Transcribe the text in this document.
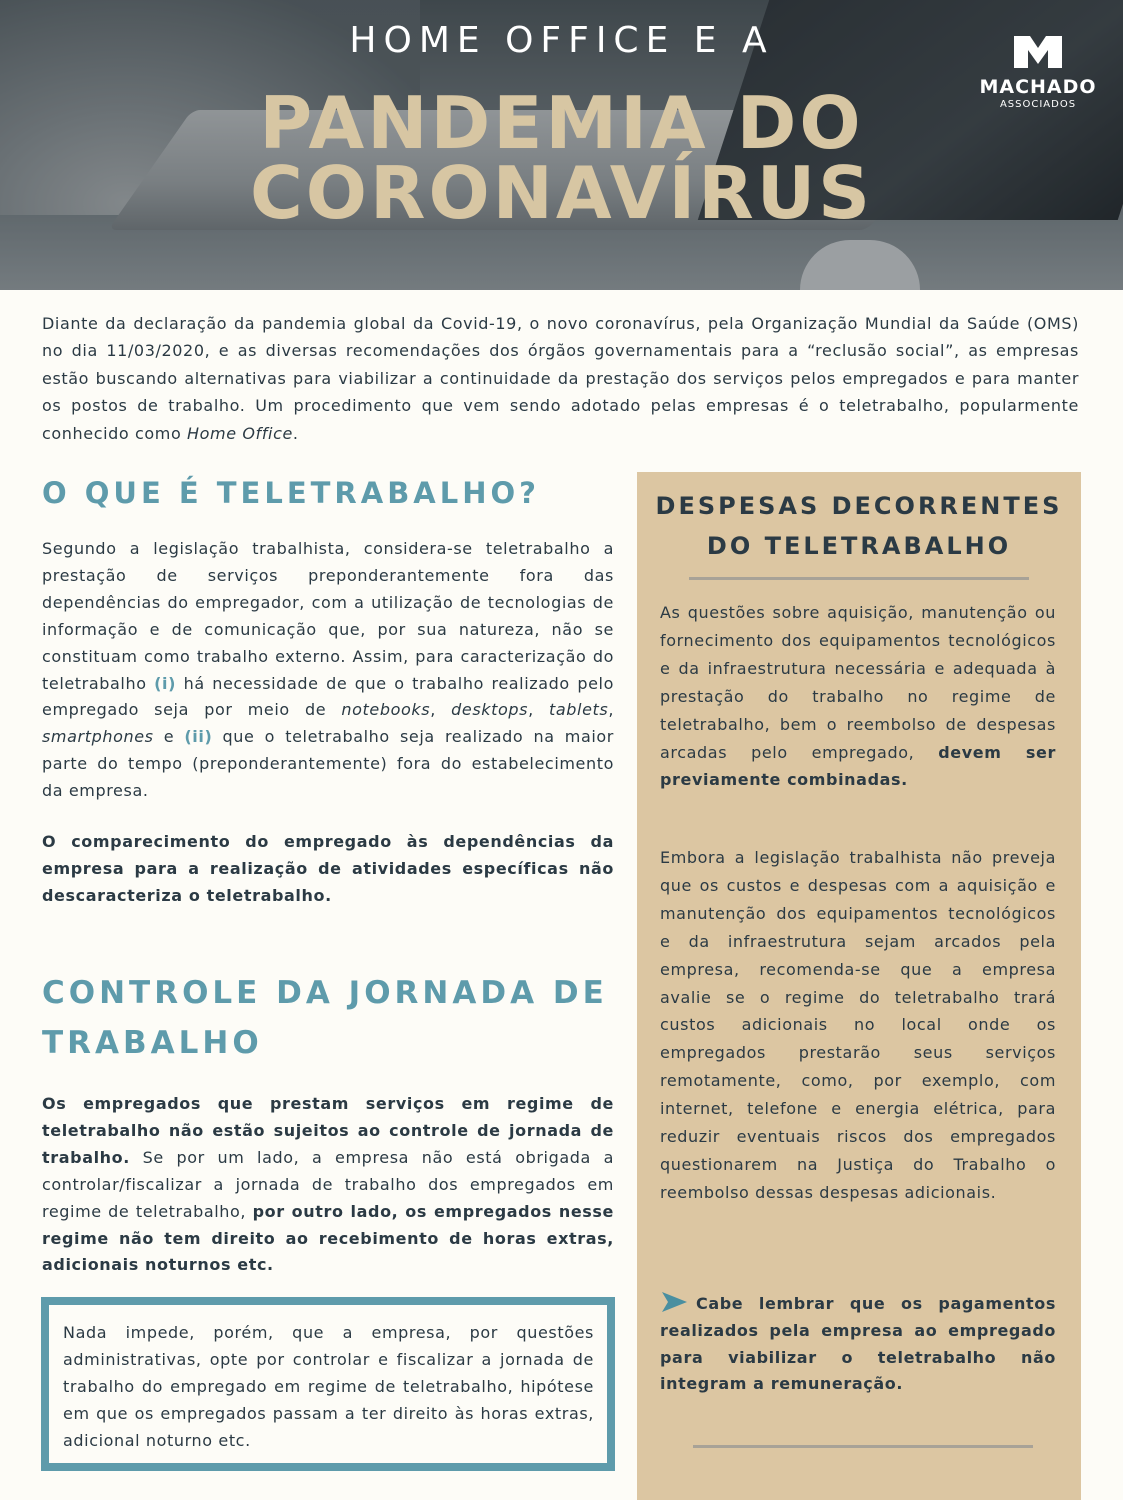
HOME OFFICE E A
PANDEMIA DO
CORONAVÍRUS
MACHADO
ASSOCIADOS

Diante da declaração da pandemia global da Covid-19, o novo coronavírus, pela Organização Mundial da Saúde (OMS) no dia 11/03/2020, e as diversas recomendações dos órgãos governamentais para a “reclusão social”, as empresas estão buscando alternativas para viabilizar a continuidade da prestação dos serviços pelos empregados e para manter os postos de trabalho. Um procedimento que vem sendo adotado pelas empresas é o teletrabalho, popularmente conhecido como Home Office.

O QUE É TELETRABALHO?

Segundo a legislação trabalhista, considera-se teletrabalho a prestação de serviços preponderantemente fora das dependências do empregador, com a utilização de tecnologias de informação e de comunicação que, por sua natureza, não se constituam como trabalho externo. Assim, para caracterização do teletrabalho (i) há necessidade de que o trabalho realizado pelo empregado seja por meio de notebooks, desktops, tablets, smartphones e (ii) que o teletrabalho seja realizado na maior parte do tempo (preponderantemente) fora do estabelecimento da empresa.

O comparecimento do empregado às dependências da empresa para a realização de atividades específicas não descaracteriza o teletrabalho.

CONTROLE DA JORNADA DE TRABALHO

Os empregados que prestam serviços em regime de teletrabalho não estão sujeitos ao controle de jornada de trabalho. Se por um lado, a empresa não está obrigada a controlar/fiscalizar a jornada de trabalho dos empregados em regime de teletrabalho, por outro lado, os empregados nesse regime não tem direito ao recebimento de horas extras, adicionais noturnos etc.

Nada impede, porém, que a empresa, por questões administrativas, opte por controlar e fiscalizar a jornada de trabalho do empregado em regime de teletrabalho, hipótese em que os empregados passam a ter direito às horas extras, adicional noturno etc.

DESPESAS DECORRENTES
DO TELETRABALHO

As questões sobre aquisição, manutenção ou fornecimento dos equipamentos tecnológicos e da infraestrutura necessária e adequada à prestação do trabalho no regime de teletrabalho, bem o reembolso de despesas arcadas pelo empregado, devem ser previamente combinadas.

Embora a legislação trabalhista não preveja que os custos e despesas com a aquisição e manutenção dos equipamentos tecnológicos e da infraestrutura sejam arcados pela empresa, recomenda-se que a empresa avalie se o regime do teletrabalho trará custos adicionais no local onde os empregados prestarão seus serviços remotamente, como, por exemplo, com internet, telefone e energia elétrica, para reduzir eventuais riscos dos empregados questionarem na Justiça do Trabalho o reembolso dessas despesas adicionais.

Cabe lembrar que os pagamentos realizados pela empresa ao empregado para viabilizar o teletrabalho não integram a remuneração.
